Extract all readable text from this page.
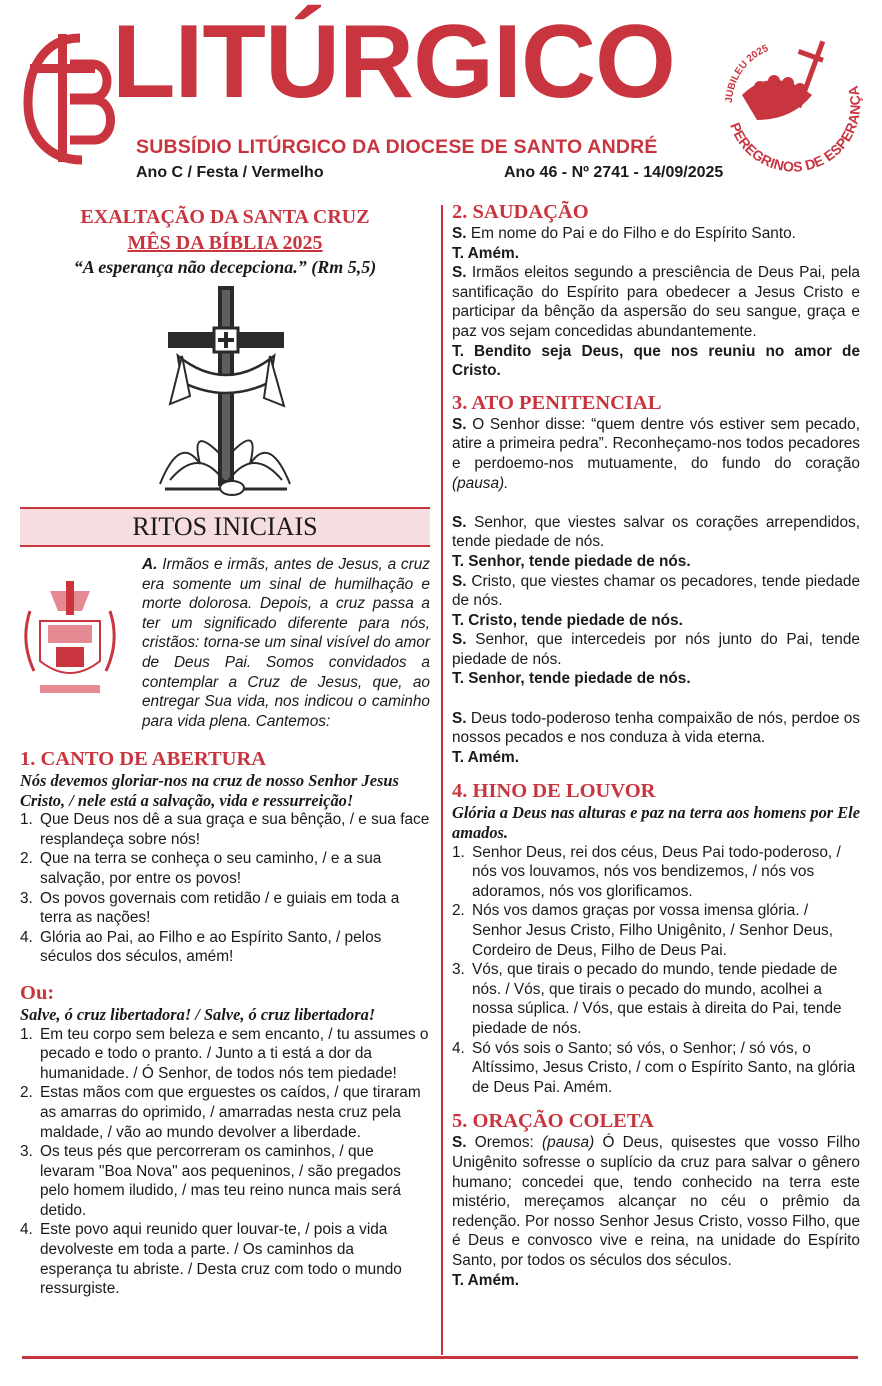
LITÚRGICO
SUBSÍDIO LITÚRGICO DA DIOCESE DE SANTO ANDRÉ
Ano C / Festa / Vermelho	Ano 46 - Nº 2741 - 14/09/2025
JUBILEU 2025
PEREGRINOS DE ESPERANÇA
EXALTAÇÃO DA SANTA CRUZ
MÊS DA BÍBLIA 2025
“A esperança não decepciona.” (Rm 5,5)
RITOS INICIAIS
A. Irmãos e irmãs, antes de Jesus, a cruz era somente um sinal de humilhação e morte dolorosa. Depois, a cruz passa a ter um significado diferente para nós, cristãos: torna-se um sinal visível do amor de Deus Pai. Somos convidados a contemplar a Cruz de Jesus, que, ao entregar Sua vida, nos indicou o caminho para vida plena. Cantemos:
1. CANTO DE ABERTURA
Nós devemos gloriar-nos na cruz de nosso Senhor Jesus Cristo, / nele está a salvação, vida e ressurreição!
1. Que Deus nos dê a sua graça e sua bênção, / e sua face resplandeça sobre nós!
2. Que na terra se conheça o seu caminho, / e a sua salvação, por entre os povos!
3. Os povos governais com retidão / e guiais em toda a terra as nações!
4. Glória ao Pai, ao Filho e ao Espírito Santo, / pelos séculos dos séculos, amém!
Ou:
Salve, ó cruz libertadora! / Salve, ó cruz libertadora!
1. Em teu corpo sem beleza e sem encanto, / tu assumes o pecado e todo o pranto. / Junto a ti está a dor da humanidade. / Ó Senhor, de todos nós tem piedade!
2. Estas mãos com que erguestes os caídos, / que tiraram as amarras do oprimido, / amarradas nesta cruz pela maldade, / vão ao mundo devolver a liberdade.
3. Os teus pés que percorreram os caminhos, / que levaram "Boa Nova" aos pequeninos, / são pregados pelo homem iludido, / mas teu reino nunca mais será detido.
4. Este povo aqui reunido quer louvar-te, / pois a vida devolveste em toda a parte. / Os caminhos da esperança tu abriste. / Desta cruz com todo o mundo ressurgiste.
2. SAUDAÇÃO

S. Em nome do Pai e do Filho e do Espírito Santo.

T. Amém.

S. Irmãos eleitos segundo a presciência de Deus Pai, pela santificação do Espírito para obedecer a Jesus Cristo e participar da bênção da aspersão do seu sangue, graça e paz vos sejam concedidas abundantemente.

T. Bendito seja Deus, que nos reuniu no amor de Cristo.

3. ATO PENITENCIAL

S. O Senhor disse: “quem dentre vós estiver sem pecado, atire a primeira pedra”. Reconheçamo-nos todos pecadores e perdoemo-nos mutuamente, do fundo do coração (pausa).

S. Senhor, que viestes salvar os corações arrependidos, tende piedade de nós.

T. Senhor, tende piedade de nós.

S. Cristo, que viestes chamar os pecadores, tende piedade de nós.

T. Cristo, tende piedade de nós.

S. Senhor, que intercedeis por nós junto do Pai, tende piedade de nós.

T. Senhor, tende piedade de nós.

S. Deus todo-poderoso tenha compaixão de nós, perdoe os nossos pecados e nos conduza à vida eterna.

T. Amém.

4. HINO DE LOUVOR
Glória a Deus nas alturas e paz na terra aos homens por Ele amados.
1. Senhor Deus, rei dos céus, Deus Pai todo-poderoso, / nós vos louvamos, nós vos bendizemos, / nós vos adoramos, nós vos glorificamos.
2. Nós vos damos graças por vossa imensa glória. / Senhor Jesus Cristo, Filho Unigênito, / Senhor Deus, Cordeiro de Deus, Filho de Deus Pai.
3. Vós, que tirais o pecado do mundo, tende piedade de nós. / Vós, que tirais o pecado do mundo, acolhei a nossa súplica. / Vós, que estais à direita do Pai, tende piedade de nós.
4. Só vós sois o Santo; só vós, o Senhor; / só vós, o Altíssimo, Jesus Cristo, / com o Espírito Santo, na glória de Deus Pai. Amém.
5. ORAÇÃO COLETA

S. Oremos: (pausa) Ó Deus, quisestes que vosso Filho Unigênito sofresse o suplício da cruz para salvar o gênero humano; concedei que, tendo conhecido na terra este mistério, mereçamos alcançar no céu o prêmio da redenção. Por nosso Senhor Jesus Cristo, vosso Filho, que é Deus e convosco vive e reina, na unidade do Espírito Santo, por todos os séculos dos séculos.

T. Amém.
